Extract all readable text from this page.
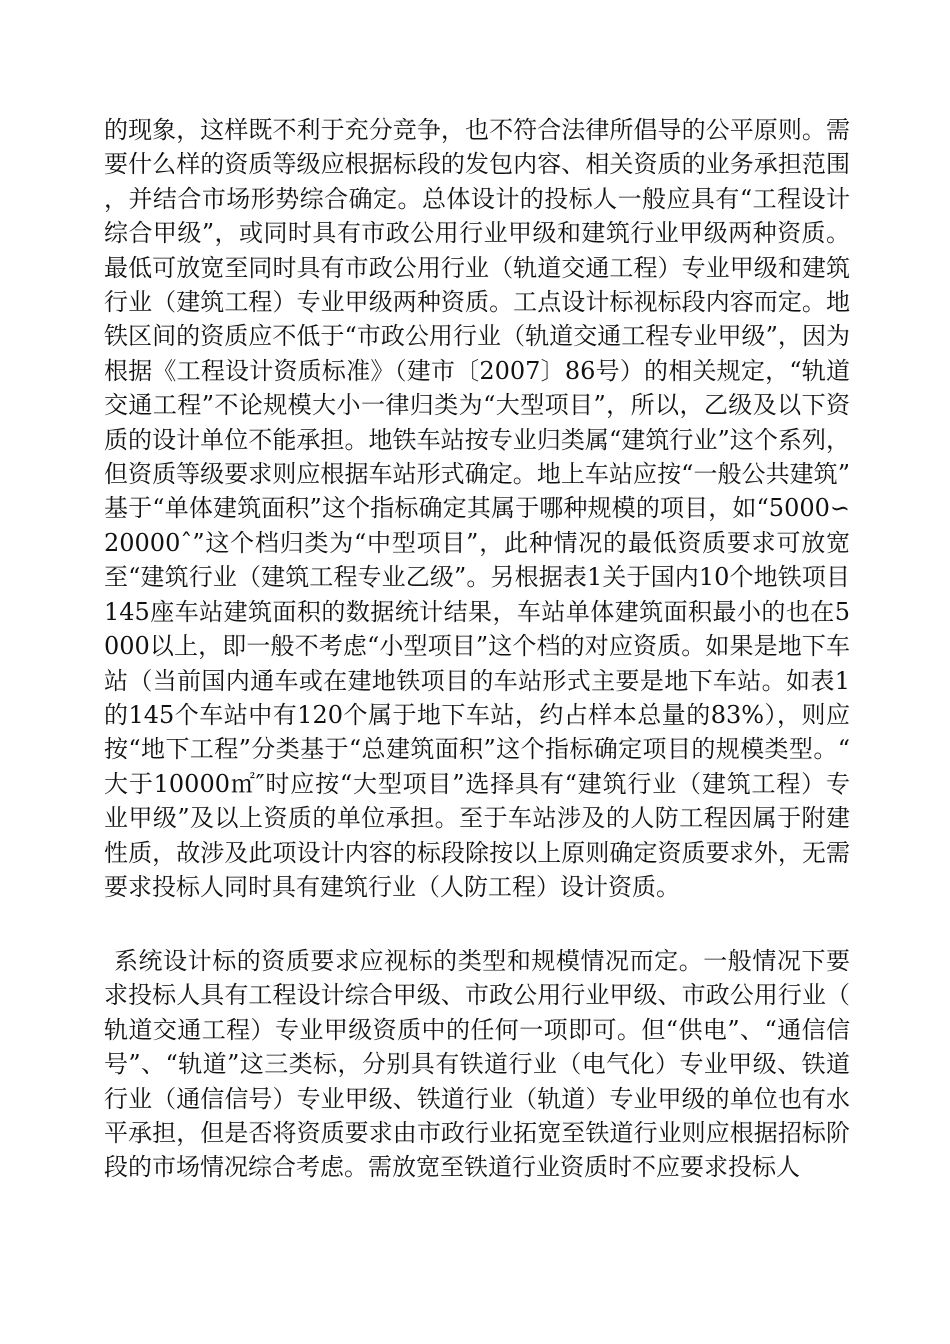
的现象，这样既不利于充分竞争，也不符合法律所倡导的公平原则。需要什么样的资质等级应根据标段的发包内容、相关资质的业务承担范围，并结合市场形势综合确定。总体设计的投标人一般应具有“工程设计综合甲级”，或同时具有市政公用行业甲级和建筑行业甲级两种资质。最低可放宽至同时具有市政公用行业（轨道交通工程）专业甲级和建筑行业（建筑工程）专业甲级两种资质。工点设计标视标段内容而定。地铁区间的资质应不低于“市政公用行业（轨道交通工程专业甲级”，因为根据《工程设计资质标准》（建市〔2007〕86号）的相关规定，“轨道交通工程”不论规模大小一律归类为“大型项目”，所以，乙级及以下资质的设计单位不能承担。地铁车站按专业归类属“建筑行业”这个系列，但资质等级要求则应根据车站形式确定。地上车站应按“一般公共建筑”基于“单体建筑面积”这个指标确定其属于哪种规模的项目，如“5000∽20000ˆ”这个档归类为“中型项目”，此种情况的最低资质要求可放宽至“建筑行业（建筑工程专业乙级”。另根据表1关于国内10个地铁项目145座车站建筑面积的数据统计结果，车站单体建筑面积最小的也在5000以上，即一般不考虑“小型项目”这个档的对应资质。如果是地下车站（当前国内通车或在建地铁项目的车站形式主要是地下车站。如表1的145个车站中有120个属于地下车站，约占样本总量的83%），则应按“地下工程”分类基于“总建筑面积”这个指标确定项目的规模类型。“大于10000㎡″时应按“大型项目”选择具有“建筑行业（建筑工程）专业甲级”及以上资质的单位承担。至于车站涉及的人防工程因属于附建性质，故涉及此项设计内容的标段除按以上原则确定资质要求外，无需要求投标人同时具有建筑行业（人防工程）设计资质。

系统设计标的资质要求应视标的类型和规模情况而定。一般情况下要求投标人具有工程设计综合甲级、市政公用行业甲级、市政公用行业（轨道交通工程）专业甲级资质中的任何一项即可。但“供电”、“通信信号”、“轨道”这三类标，分别具有铁道行业（电气化）专业甲级、铁道行业（通信信号）专业甲级、铁道行业（轨道）专业甲级的单位也有水平承担，但是否将资质要求由市政行业拓宽至铁道行业则应根据招标阶段的市场情况综合考虑。需放宽至铁道行业资质时不应要求投标人
